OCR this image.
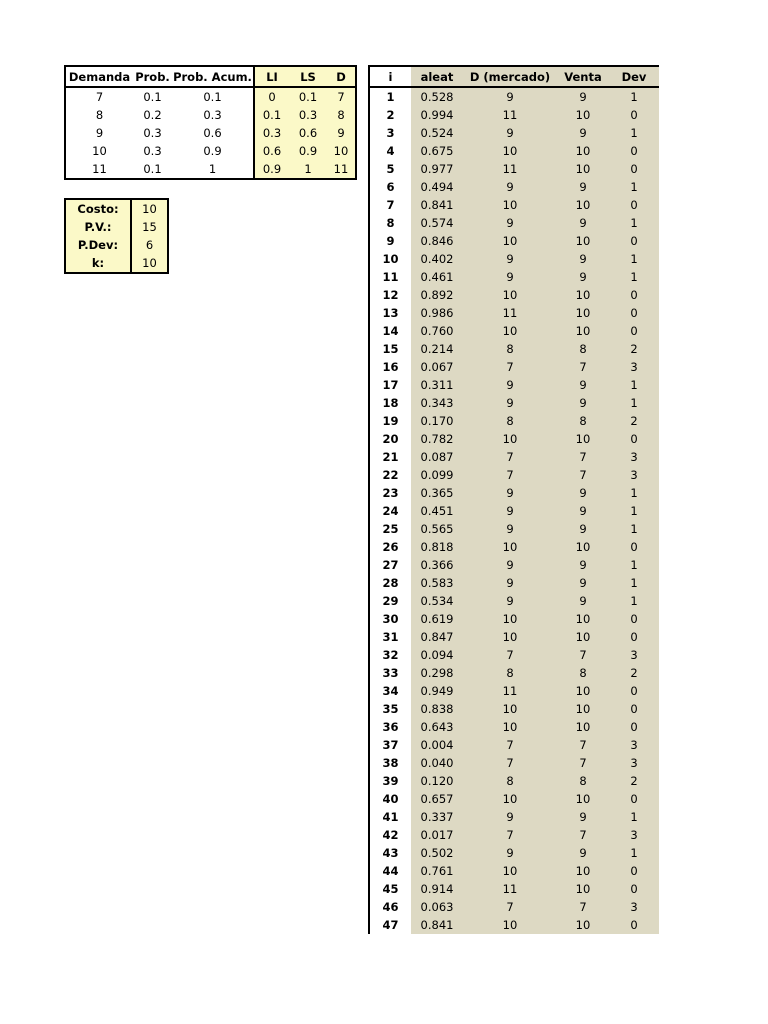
Demanda	Prob.	Prob. Acum.	LI	LS	D
7	0.1	0.1	0	0.1	7
8	0.2	0.3	0.1	0.3	8
9	0.3	0.6	0.3	0.6	9
10	0.3	0.9	0.6	0.9	10
11	0.1	1	0.9	1	11
Costo:	10
P.V.:	15
P.Dev:	6
k:	10
i	aleat	D (mercado)	Venta	Dev
1	0.528	9	9	1
2	0.994	11	10	0
3	0.524	9	9	1
4	0.675	10	10	0
5	0.977	11	10	0
6	0.494	9	9	1
7	0.841	10	10	0
8	0.574	9	9	1
9	0.846	10	10	0
10	0.402	9	9	1
11	0.461	9	9	1
12	0.892	10	10	0
13	0.986	11	10	0
14	0.760	10	10	0
15	0.214	8	8	2
16	0.067	7	7	3
17	0.311	9	9	1
18	0.343	9	9	1
19	0.170	8	8	2
20	0.782	10	10	0
21	0.087	7	7	3
22	0.099	7	7	3
23	0.365	9	9	1
24	0.451	9	9	1
25	0.565	9	9	1
26	0.818	10	10	0
27	0.366	9	9	1
28	0.583	9	9	1
29	0.534	9	9	1
30	0.619	10	10	0
31	0.847	10	10	0
32	0.094	7	7	3
33	0.298	8	8	2
34	0.949	11	10	0
35	0.838	10	10	0
36	0.643	10	10	0
37	0.004	7	7	3
38	0.040	7	7	3
39	0.120	8	8	2
40	0.657	10	10	0
41	0.337	9	9	1
42	0.017	7	7	3
43	0.502	9	9	1
44	0.761	10	10	0
45	0.914	11	10	0
46	0.063	7	7	3
47	0.841	10	10	0
